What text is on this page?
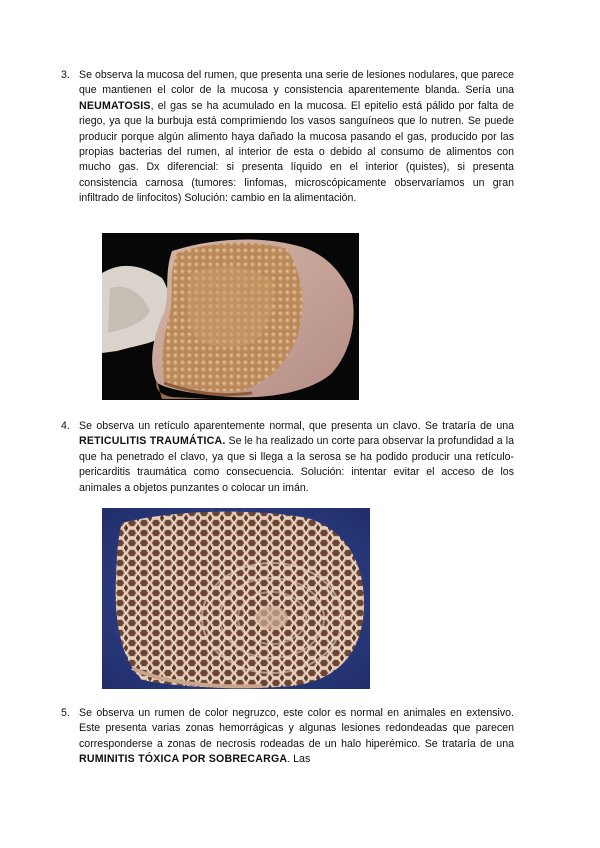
3. Se observa la mucosa del rumen, que presenta una serie de lesiones nodulares, que parece que mantienen el color de la mucosa y consistencia aparentemente blanda. Sería una NEUMATOSIS, el gas se ha acumulado en la mucosa. El epitelio está pálido por falta de riego, ya que la burbuja está comprimiendo los vasos sanguíneos que lo nutren. Se puede producir porque algún alimento haya dañado la mucosa pasando el gas, producido por las propias bacterias del rumen, al interior de esta o debido al consumo de alimentos con mucho gas. Dx diferencial: si presenta líquido en el interior (quistes), si presenta consistencia carnosa (tumores: linfomas, microscópicamente observaríamos un gran infiltrado de linfocitos) Solución: cambio en la alimentación.

4. Se observa un retículo aparentemente normal, que presenta un clavo. Se trataría de una RETICULITIS TRAUMÁTICA. Se le ha realizado un corte para observar la profundidad a la que ha penetrado el clavo, ya que si llega a la serosa se ha podido producir una retículo-pericarditis traumática como consecuencia. Solución: intentar evitar el acceso de los animales a objetos punzantes o colocar un imán.

5. Se observa un rumen de color negruzco, este color es normal en animales en extensivo. Este presenta varias zonas hemorrágicas y algunas lesiones redondeadas que parecen corresponderse a zonas de necrosis rodeadas de un halo hiperémico. Se trataría de una RUMINITIS TÓXICA POR SOBRECARGA. Las
